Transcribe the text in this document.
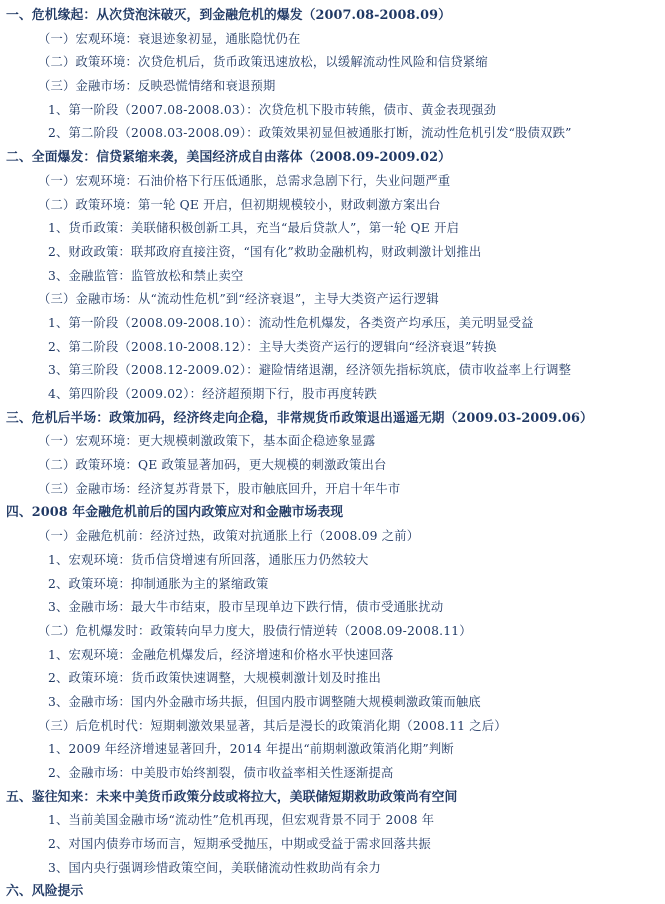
一、危机缘起：从次贷泡沫破灭，到金融危机的爆发（2007.08-2008.09）
（一）宏观环境：衰退迹象初显，通胀隐忧仍在
（二）政策环境：次贷危机后，货币政策迅速放松，以缓解流动性风险和信贷紧缩
（三）金融市场：反映恐慌情绪和衰退预期
1、第一阶段（2007.08-2008.03）：次贷危机下股市转熊，债市、黄金表现强劲
2、第二阶段（2008.03-2008.09）：政策效果初显但被通胀打断，流动性危机引发“股债双跌”
二、全面爆发：信贷紧缩来袭，美国经济成自由落体（2008.09-2009.02）
（一）宏观环境：石油价格下行压低通胀，总需求急剧下行，失业问题严重
（二）政策环境：第一轮 QE 开启，但初期规模较小，财政刺激方案出台
1、货币政策：美联储积极创新工具，充当“最后贷款人”，第一轮 QE 开启
2、财政政策：联邦政府直接注资，“国有化”救助金融机构，财政刺激计划推出
3、金融监管：监管放松和禁止卖空
（三）金融市场：从“流动性危机”到“经济衰退”，主导大类资产运行逻辑
1、第一阶段（2008.09-2008.10）：流动性危机爆发，各类资产均承压，美元明显受益
2、第二阶段（2008.10-2008.12）：主导大类资产运行的逻辑向“经济衰退”转换
3、第三阶段（2008.12-2009.02）：避险情绪退潮，经济领先指标筑底，债市收益率上行调整
4、第四阶段（2009.02）：经济超预期下行，股市再度转跌
三、危机后半场：政策加码，经济终走向企稳，非常规货币政策退出遥遥无期（2009.03-2009.06）
（一）宏观环境：更大规模刺激政策下，基本面企稳迹象显露
（二）政策环境：QE 政策显著加码，更大规模的刺激政策出台
（三）金融市场：经济复苏背景下，股市触底回升，开启十年牛市
四、2008 年金融危机前后的国内政策应对和金融市场表现
（一）金融危机前：经济过热，政策对抗通胀上行（2008.09 之前）
1、宏观环境：货币信贷增速有所回落，通胀压力仍然较大
2、政策环境：抑制通胀为主的紧缩政策
3、金融市场：最大牛市结束，股市呈现单边下跌行情，债市受通胀扰动
（二）危机爆发时：政策转向早力度大，股债行情逆转（2008.09-2008.11）
1、宏观环境：金融危机爆发后，经济增速和价格水平快速回落
2、政策环境：货币政策快速调整，大规模刺激计划及时推出
3、金融市场：国内外金融市场共振，但国内股市调整随大规模刺激政策而触底
（三）后危机时代：短期刺激效果显著，其后是漫长的政策消化期（2008.11 之后）
1、2009 年经济增速显著回升，2014 年提出“前期刺激政策消化期”判断
2、金融市场：中美股市始终割裂，债市收益率相关性逐渐提高
五、鉴往知来：未来中美货币政策分歧或将拉大，美联储短期救助政策尚有空间
1、当前美国金融市场“流动性”危机再现，但宏观背景不同于 2008 年
2、对国内债券市场而言，短期承受抛压，中期或受益于需求回落共振
3、国内央行强调珍惜政策空间，美联储流动性救助尚有余力
六、风险提示
